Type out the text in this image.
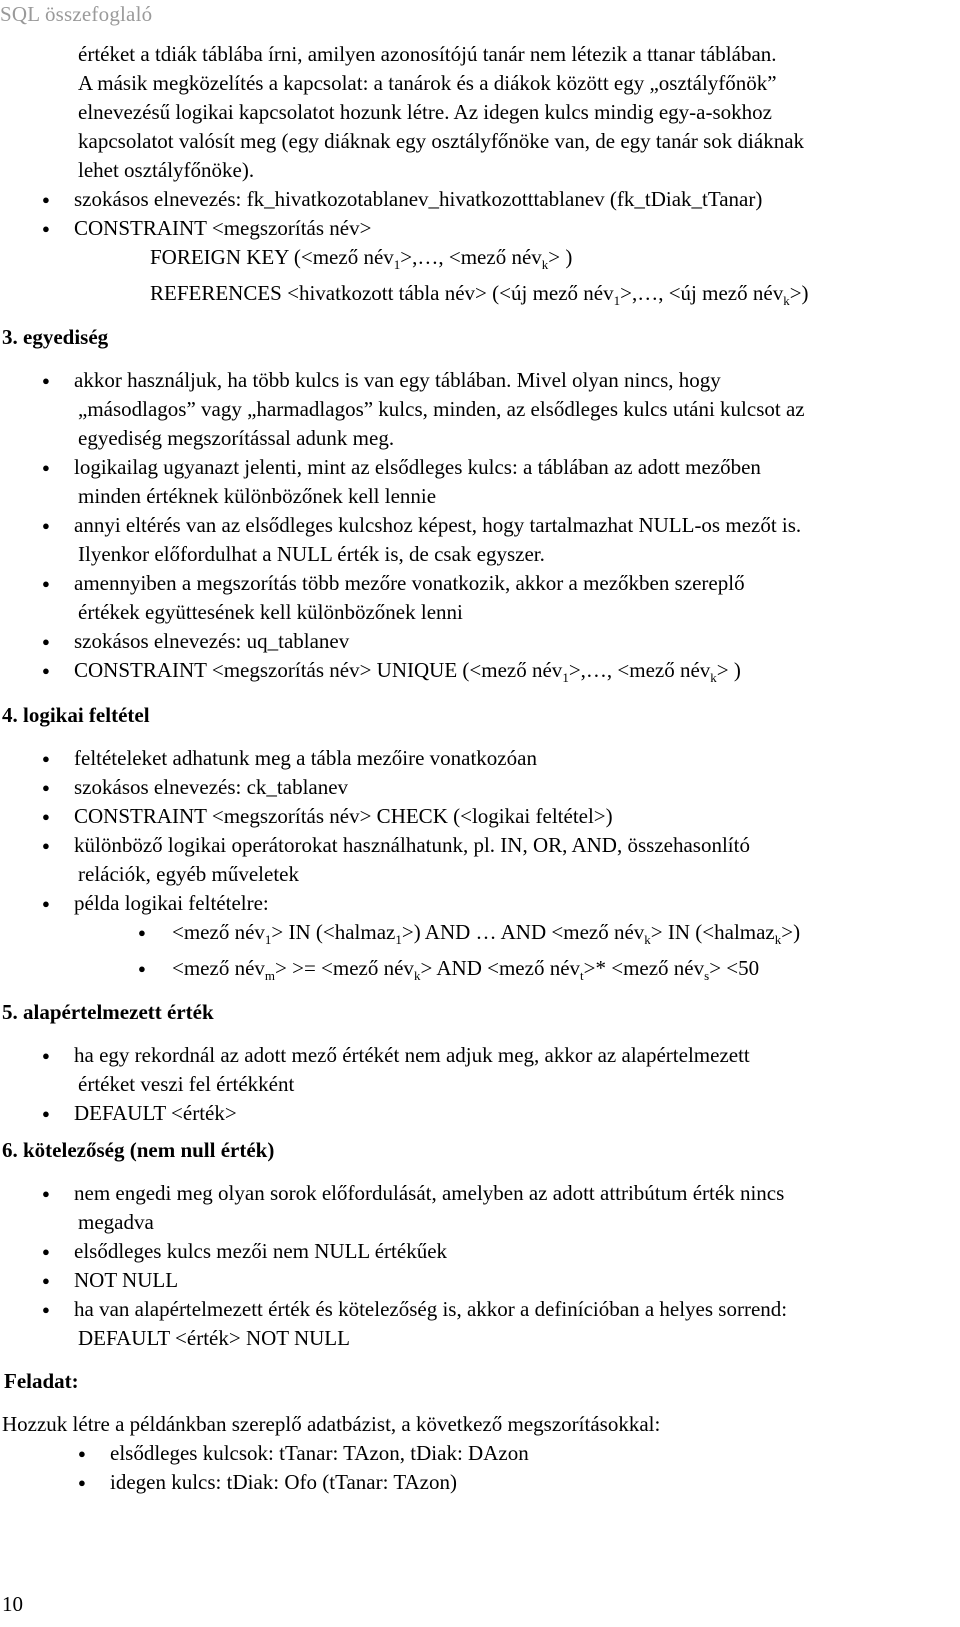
SQL összefoglaló

értéket a tdiák táblába írni, amilyen azonosítójú tanár nem létezik a ttanar táblában.

A másik megközelítés a kapcsolat: a tanárok és a diákok között egy „osztályfőnök”

elnevezésű logikai kapcsolatot hozunk létre. Az idegen kulcs mindig egy-a-sokhoz

kapcsolatot valósít meg (egy diáknak egy osztályfőnöke van, de egy tanár sok diáknak

lehet osztályfőnöke).

● szokásos elnevezés: fk_hivatkozotablanev_hivatkozotttablanev (fk_tDiak_tTanar)
● CONSTRAINT <megszorítás név>

FOREIGN KEY (<mező név$_1$>,…, <mező név$_k$> )

REFERENCES <hivatkozott tábla név> (<új mező név$_1$>,…, <új mező név$_k$>)

3. egyediség
● akkor használjuk, ha több kulcs is van egy táblában. Mivel olyan nincs, hogy
„másodlagos” vagy „harmadlagos” kulcs, minden, az elsődleges kulcs utáni kulcsot az
egyediség megszorítással adunk meg.
● logikailag ugyanazt jelenti, mint az elsődleges kulcs: a táblában az adott mezőben
minden értéknek különbözőnek kell lennie
● annyi eltérés van az elsődleges kulcshoz képest, hogy tartalmazhat NULL-os mezőt is.
Ilyenkor előfordulhat a NULL érték is, de csak egyszer.
● amennyiben a megszorítás több mezőre vonatkozik, akkor a mezőkben szereplő
értékek együttesének kell különbözőnek lenni
● szokásos elnevezés: uq_tablanev
● CONSTRAINT <megszorítás név> UNIQUE (<mező név$_1$>,…, <mező név$_k$> )
4. logikai feltétel
● feltételeket adhatunk meg a tábla mezőire vonatkozóan
● szokásos elnevezés: ck_tablanev
● CONSTRAINT <megszorítás név> CHECK (<logikai feltétel>)
● különböző logikai operátorokat használhatunk, pl. IN, OR, AND, összehasonlító
relációk, egyéb műveletek
● példa logikai feltételre:
● <mező név$_1$> IN (<halmaz$_1$>) AND … AND <mező név$_k$> IN (<halmaz$_k$>)
● <mező név$_m$> >= <mező név$_k$> AND <mező név$_t$>* <mező név$_s$> <50
5. alapértelmezett érték
● ha egy rekordnál az adott mező értékét nem adjuk meg, akkor az alapértelmezett
értéket veszi fel értékként
● DEFAULT <érték>
6. kötelezőség (nem null érték)
● nem engedi meg olyan sorok előfordulását, amelyben az adott attribútum érték nincs
megadva
● elsődleges kulcs mezői nem NULL értékűek
● NOT NULL
● ha van alapértelmezett érték és kötelezőség is, akkor a definícióban a helyes sorrend:
DEFAULT <érték> NOT NULL
Feladat:

Hozzuk létre a példánkban szereplő adatbázist, a következő megszorításokkal:

● elsődleges kulcsok: tTanar: TAzon, tDiak: DAzon
● idegen kulcs: tDiak: Ofo (tTanar: TAzon)
10
